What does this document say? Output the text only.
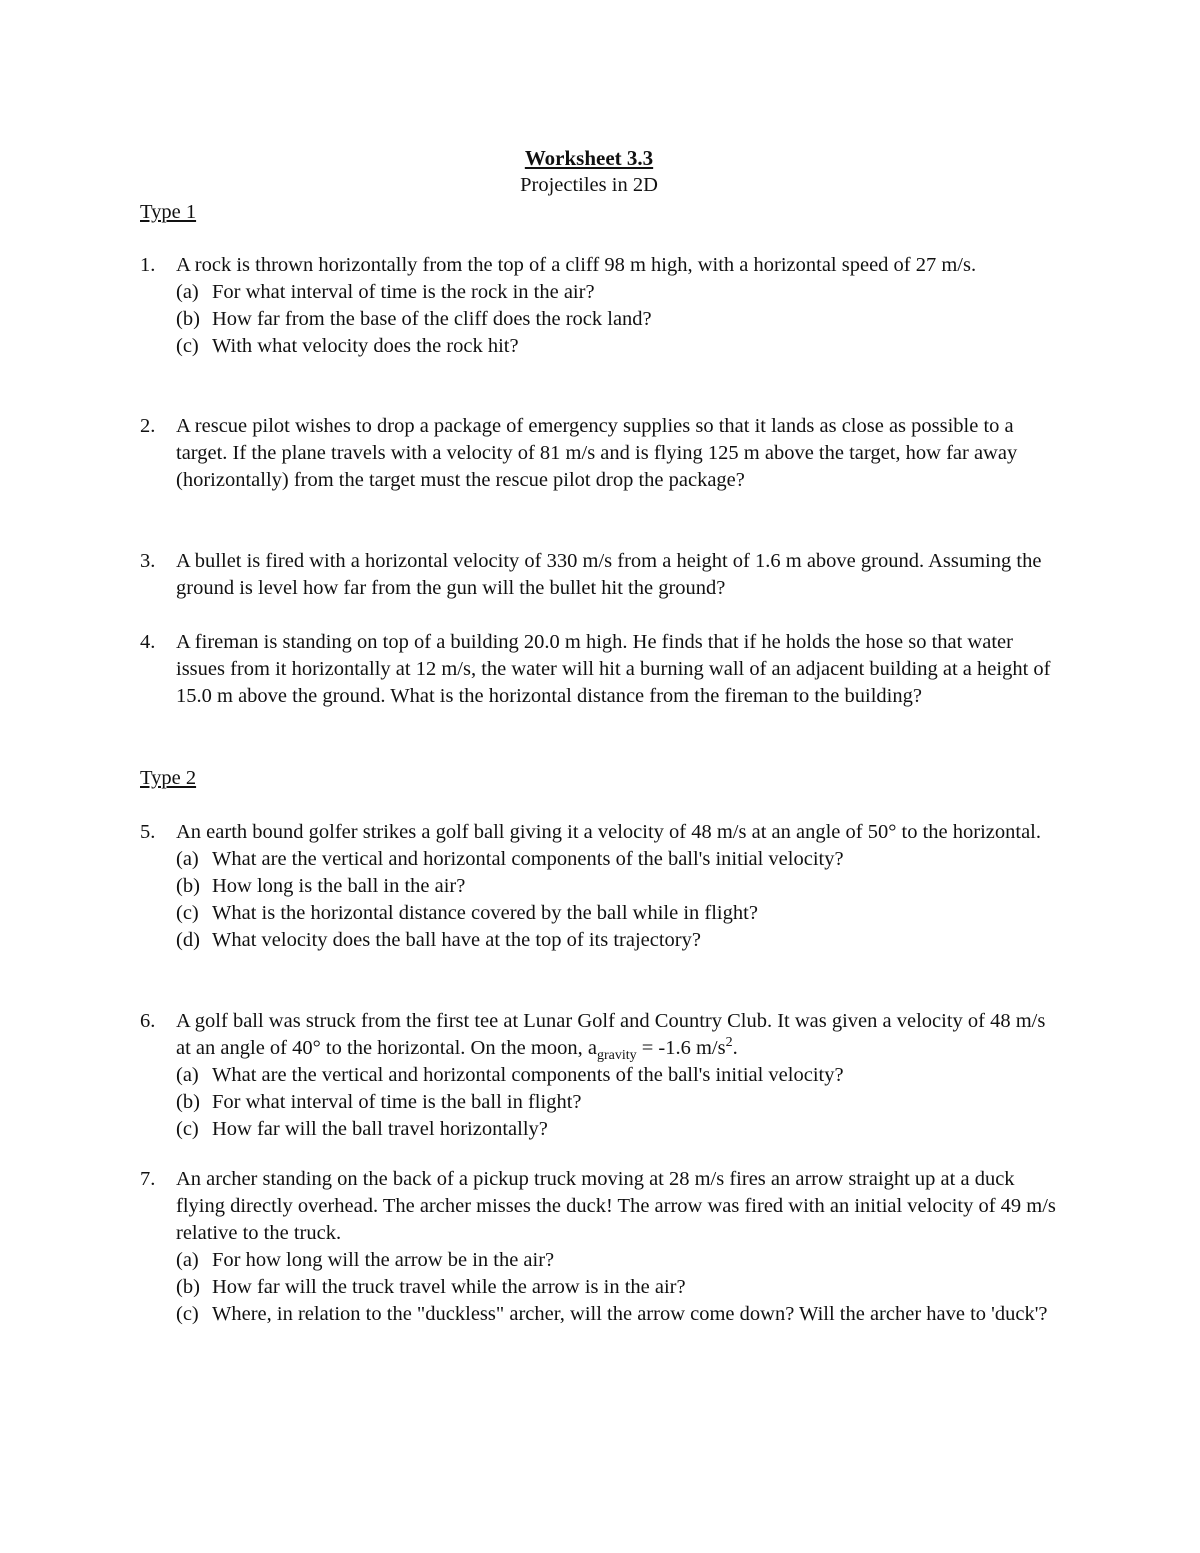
Worksheet 3.3
Projectiles in 2D
Type 1
1.	A rock is thrown horizontally from the top of a cliff 98 m high, with a horizontal speed of 27 m/s.
(a) For what interval of time is the rock in the air?
(b) How far from the base of the cliff does the rock land?
(c) With what velocity does the rock hit?
2.	A rescue pilot wishes to drop a package of emergency supplies so that it lands as close as possible to a target. If the plane travels with a velocity of 81 m/s and is flying 125 m above the target, how far away (horizontally) from the target must the rescue pilot drop the package?
3.	A bullet is fired with a horizontal velocity of 330 m/s from a height of 1.6 m above ground. Assuming the ground is level how far from the gun will the bullet hit the ground?
4.	A fireman is standing on top of a building 20.0 m high. He finds that if he holds the hose so that water issues from it horizontally at 12 m/s, the water will hit a burning wall of an adjacent building at a height of 15.0 m above the ground. What is the horizontal distance from the fireman to the building?
Type 2
5.	An earth bound golfer strikes a golf ball giving it a velocity of 48 m/s at an angle of 50° to the horizontal.
(a) What are the vertical and horizontal components of the ball's initial velocity?
(b) How long is the ball in the air?
(c) What is the horizontal distance covered by the ball while in flight?
(d) What velocity does the ball have at the top of its trajectory?
6.	A golf ball was struck from the first tee at Lunar Golf and Country Club. It was given a velocity of 48 m/s at an angle of 40° to the horizontal. On the moon, $a_{gravity} = -1.6$ $m/s^2$.
(a) What are the vertical and horizontal components of the ball's initial velocity?
(b) For what interval of time is the ball in flight?
(c) How far will the ball travel horizontally?
7.	An archer standing on the back of a pickup truck moving at 28 m/s fires an arrow straight up at a duck flying directly overhead. The archer misses the duck! The arrow was fired with an initial velocity of 49 m/s relative to the truck.
(a) For how long will the arrow be in the air?
(b) How far will the truck travel while the arrow is in the air?
(c) Where, in relation to the "duckless" archer, will the arrow come down? Will the archer have to 'duck'?
